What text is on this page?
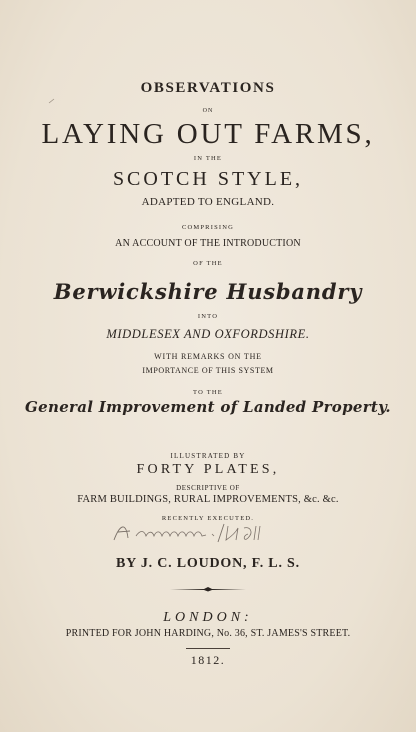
OBSERVATIONS
ON
LAYING OUT FARMS,
IN THE
SCOTCH STYLE,
ADAPTED TO ENGLAND.
COMPRISING
AN ACCOUNT OF THE INTRODUCTION
OF THE
Berwickshire Husbandry
INTO
MIDDLESEX AND OXFORDSHIRE.
WITH REMARKS ON THE
IMPORTANCE OF THIS SYSTEM
TO THE
General Improvement of Landed Property.
ILLUSTRATED BY
FORTY PLATES,
DESCRIPTIVE OF
FARM BUILDINGS, RURAL IMPROVEMENTS, &c. &c.
RECENTLY EXECUTED.
BY J. C. LOUDON, F. L. S.
LONDON:
PRINTED FOR JOHN HARDING, No. 36, ST. JAMES'S STREET.
1812.
